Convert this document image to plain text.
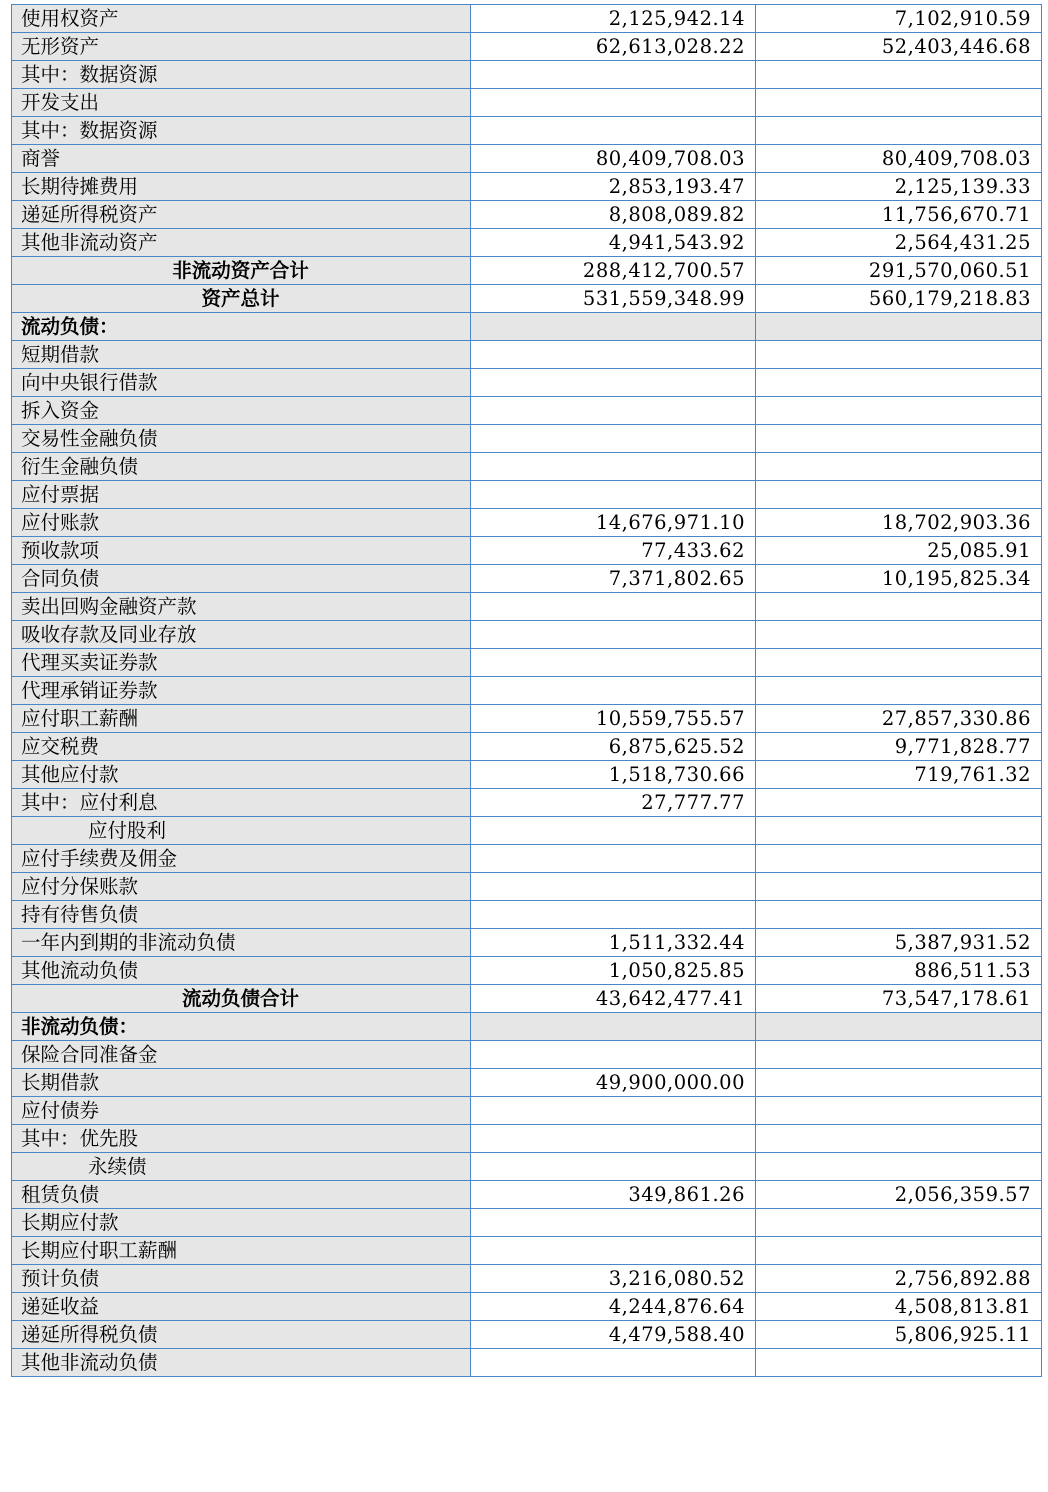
使用权资产	2,125,942.14	7,102,910.59
无形资产	62,613,028.22	52,403,446.68
其中：数据资源		
开发支出		
其中：数据资源		
商誉	80,409,708.03	80,409,708.03
长期待摊费用	2,853,193.47	2,125,139.33
递延所得税资产	8,808,089.82	11,756,670.71
其他非流动资产	4,941,543.92	2,564,431.25
非流动资产合计	288,412,700.57	291,570,060.51
资产总计	531,559,348.99	560,179,218.83
流动负债：		
短期借款		
向中央银行借款		
拆入资金		
交易性金融负债		
衍生金融负债		
应付票据		
应付账款	14,676,971.10	18,702,903.36
预收款项	77,433.62	25,085.91
合同负债	7,371,802.65	10,195,825.34
卖出回购金融资产款		
吸收存款及同业存放		
代理买卖证券款		
代理承销证券款		
应付职工薪酬	10,559,755.57	27,857,330.86
应交税费	6,875,625.52	9,771,828.77
其他应付款	1,518,730.66	719,761.32
其中：应付利息	27,777.77	
应付股利		
应付手续费及佣金		
应付分保账款		
持有待售负债		
一年内到期的非流动负债	1,511,332.44	5,387,931.52
其他流动负债	1,050,825.85	886,511.53
流动负债合计	43,642,477.41	73,547,178.61
非流动负债：		
保险合同准备金		
长期借款	49,900,000.00	
应付债券		
其中：优先股		
永续债		
租赁负债	349,861.26	2,056,359.57
长期应付款		
长期应付职工薪酬		
预计负债	3,216,080.52	2,756,892.88
递延收益	4,244,876.64	4,508,813.81
递延所得税负债	4,479,588.40	5,806,925.11
其他非流动负债		
